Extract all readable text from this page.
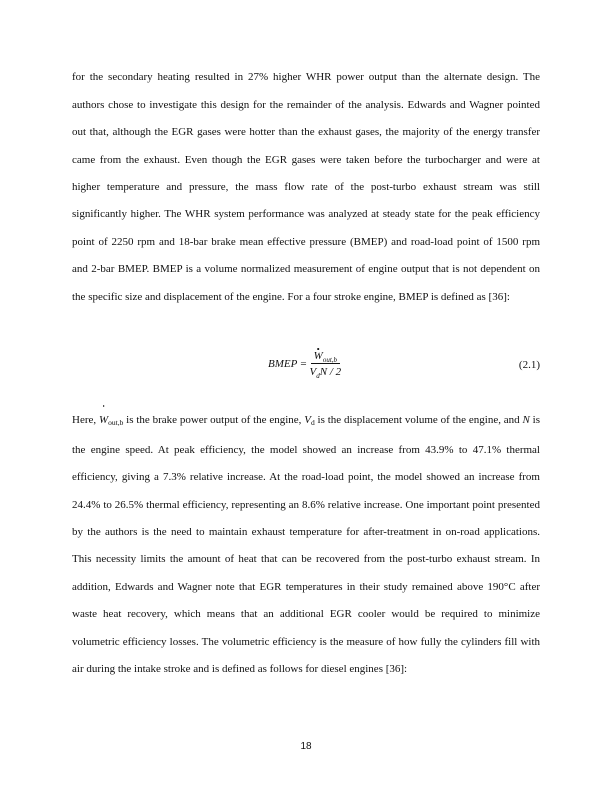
for the secondary heating resulted in 27% higher WHR power output than the alternate design. The authors chose to investigate this design for the remainder of the analysis. Edwards and Wagner pointed out that, although the EGR gases were hotter than the exhaust gases, the majority of the energy transfer came from the exhaust. Even though the EGR gases were taken before the turbocharger and were at higher temperature and pressure, the mass flow rate of the post-turbo exhaust stream was still significantly higher. The WHR system performance was analyzed at steady state for the peak efficiency point of 2250 rpm and 18-bar brake mean effective pressure (BMEP) and road-load point of 1500 rpm and 2-bar BMEP. BMEP is a volume normalized measurement of engine output that is not dependent on the specific size and displacement of the engine. For a four stroke engine, BMEP is defined as [36]:

BMEP = $\frac{W_{out,b}}{V_dN / 2}$	(2.1)

Here, Wout,b is the brake power output of the engine, Vd is the displacement volume of the engine, and N is the engine speed. At peak efficiency, the model showed an increase from 43.9% to 47.1% thermal efficiency, giving a 7.3% relative increase. At the road-load point, the model showed an increase from 24.4% to 26.5% thermal efficiency, representing an 8.6% relative increase. One important point presented by the authors is the need to maintain exhaust temperature for after-treatment in on-road applications. This necessity limits the amount of heat that can be recovered from the post-turbo exhaust stream. In addition, Edwards and Wagner note that EGR temperatures in their study remained above 190°C after waste heat recovery, which means that an additional EGR cooler would be required to minimize volumetric efficiency losses. The volumetric efficiency is the measure of how fully the cylinders fill with air during the intake stroke and is defined as follows for diesel engines [36]:

18
